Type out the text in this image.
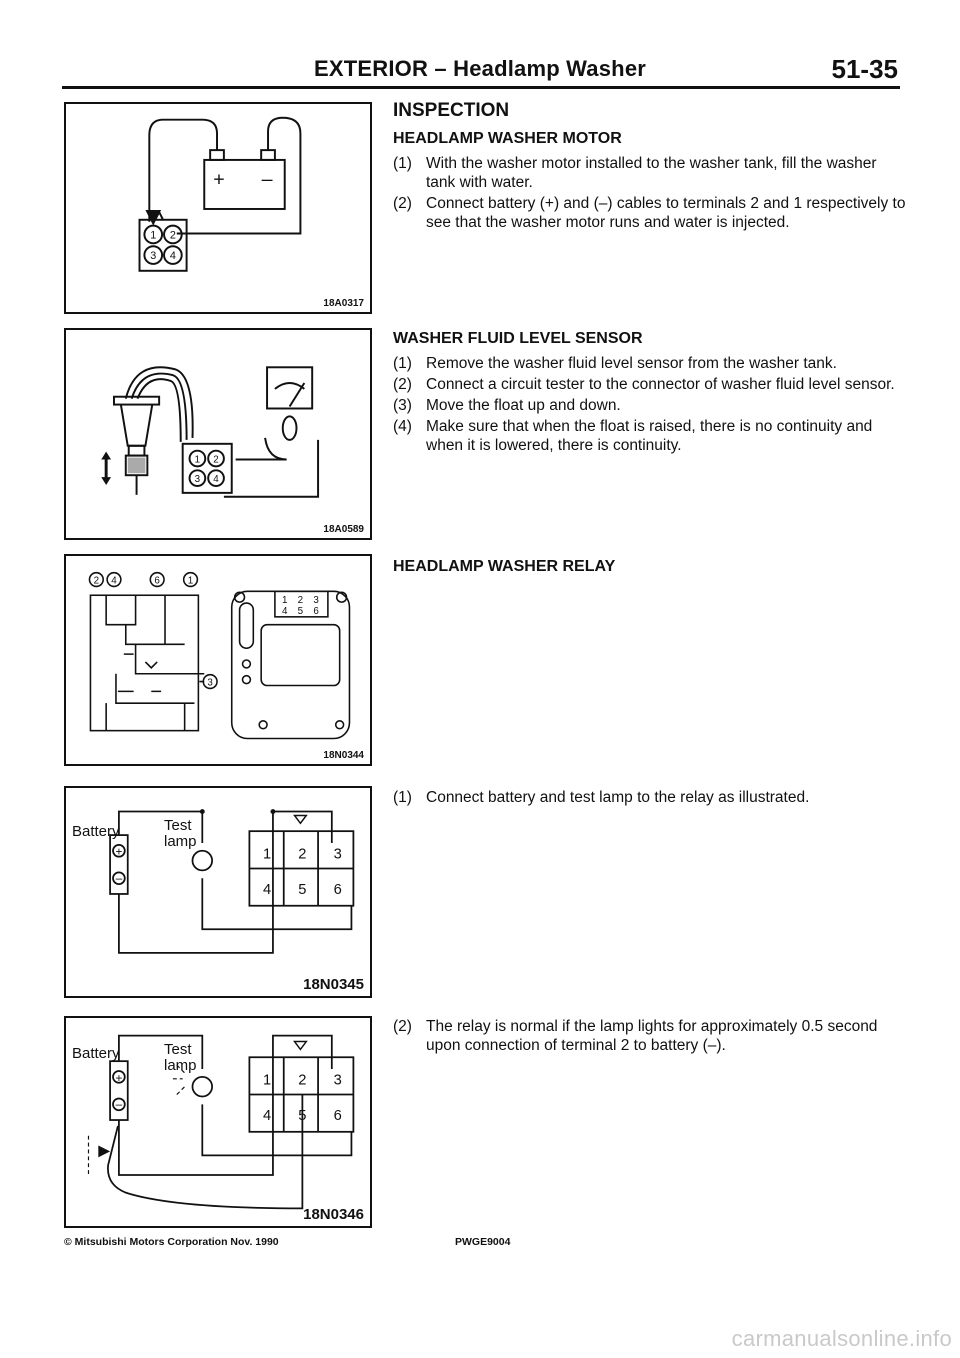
EXTERIOR – Headlamp Washer	51-35
1 2
3 4
+ –
18A0317
1 2
3 4
18A0589
2 4	6	1
3
1 2 3
4 5 6
18N0344
+
–
1 2 3
4 5 6
Battery	Test
lamp
18N0345
+
–
1 2 3
4 5 6
Battery	Test
lamp
18N0346
INSPECTION
HEADLAMP WASHER MOTOR
(1) With the washer motor installed to the washer tank, fill the washer tank with water.
(2) Connect battery (+) and (–) cables to terminals 2 and 1 respectively to see that the washer motor runs and water is injected.
WASHER FLUID LEVEL SENSOR
(1) Remove the washer fluid level sensor from the washer tank.
(2) Connect a circuit tester to the connector of washer fluid level sensor.
(3) Move the float up and down.
(4) Make sure that when the float is raised, there is no continuity and when it is lowered, there is continuity.
HEADLAMP WASHER RELAY
(1) Connect battery and test lamp to the relay as illustrated.
(2) The relay is normal if the lamp lights for approximately 0.5 second upon connection of terminal 2 to battery (–).
© Mitsubishi Motors Corporation Nov. 1990	PWGE9004
carmanualsonline.info
